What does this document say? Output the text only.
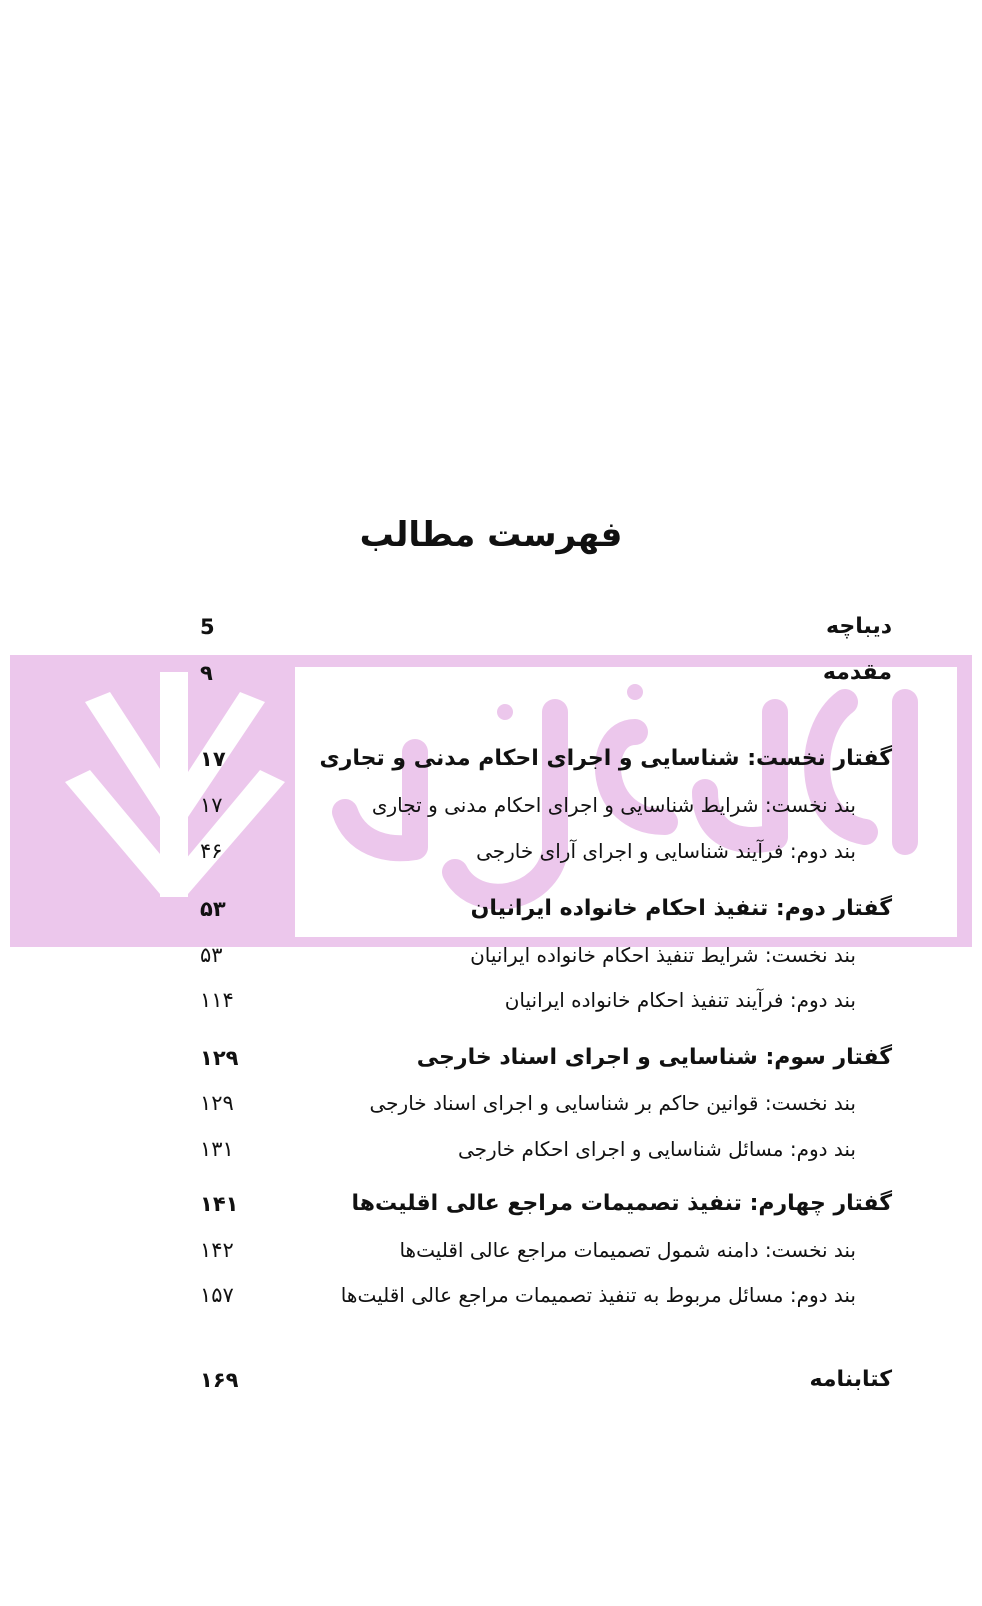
فهرست مطالب
دیباچه
5
مقدمه
۹
گفتار نخست: شناسایی و اجرای احکام مدنی و تجاری
۱۷
بند نخست: شرایط شناسایی و اجرای احکام مدنی و تجاری
۱۷
بند دوم: فرآیند شناسایی و اجرای آرای خارجی
۴۶
گفتار دوم: تنفیذ احکام خانواده ایرانیان
۵۳
بند نخست: شرایط تنفیذ احکام خانواده ایرانیان
۵۳
بند دوم: فرآیند تنفیذ احکام خانواده ایرانیان
۱۱۴
گفتار سوم: شناسایی و اجرای اسناد خارجی
۱۲۹
بند نخست: قوانین حاکم بر شناسایی و اجرای اسناد خارجی
۱۲۹
بند دوم: مسائل شناسایی و اجرای احکام خارجی
۱۳۱
گفتار چهارم: تنفیذ تصمیمات مراجع عالی اقلیت‌ها
۱۴۱
بند نخست: دامنه شمول تصمیمات مراجع عالی اقلیت‌ها
۱۴۲
بند دوم: مسائل مربوط به تنفیذ تصمیمات مراجع عالی اقلیت‌ها
۱۵۷
کتابنامه
۱۶۹
